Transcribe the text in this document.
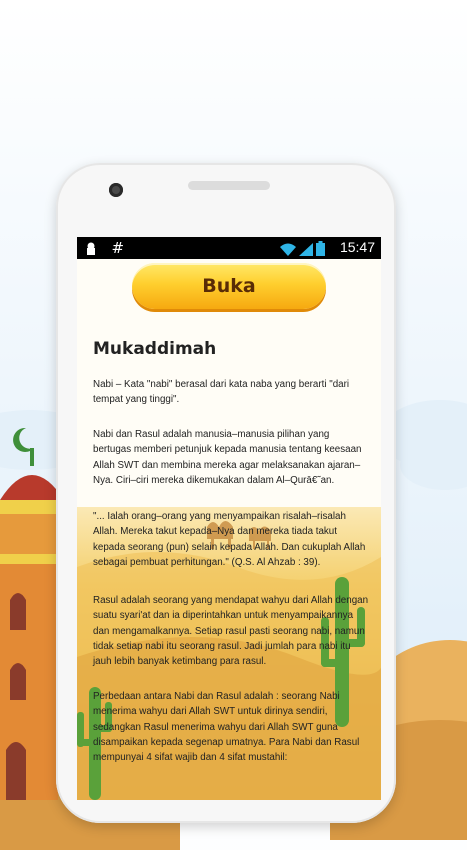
#	15:47
Buka
Mukaddimah

Nabi – Kata "nabi" berasal dari kata naba yang berarti "dari tempat yang tinggi".

Nabi dan Rasul adalah manusia–manusia pilihan yang bertugas memberi petunjuk kepada manusia tentang keesaan Allah SWT dan membina mereka agar melaksanakan ajaran–Nya. Ciri–ciri mereka dikemukakan dalam Al–Qurā€˜an.

"... Ialah orang–orang yang menyampaikan risalah–risalah Allah. Mereka takut kepada–Nya dan mereka tiada takut kepada seorang (pun) selain kepada Allah. Dan cukuplah Allah sebagai pembuat perhitungan." (Q.S. Al Ahzab : 39).

Rasul adalah seorang yang mendapat wahyu dari Allah dengan suatu syari'at dan ia diperintahkan untuk menyampaikannya dan mengamalkannya. Setiap rasul pasti seorang nabi, namun tidak setiap nabi itu seorang rasul. Jadi jumlah para nabi itu jauh lebih banyak ketimbang para rasul.

Perbedaan antara Nabi dan Rasul adalah : seorang Nabi menerima wahyu dari Allah SWT untuk dirinya sendiri, sedangkan Rasul menerima wahyu dari Allah SWT guna disampaikan kepada segenap umatnya. Para Nabi dan Rasul mempunyai 4 sifat wajib dan 4 sifat mustahil:
